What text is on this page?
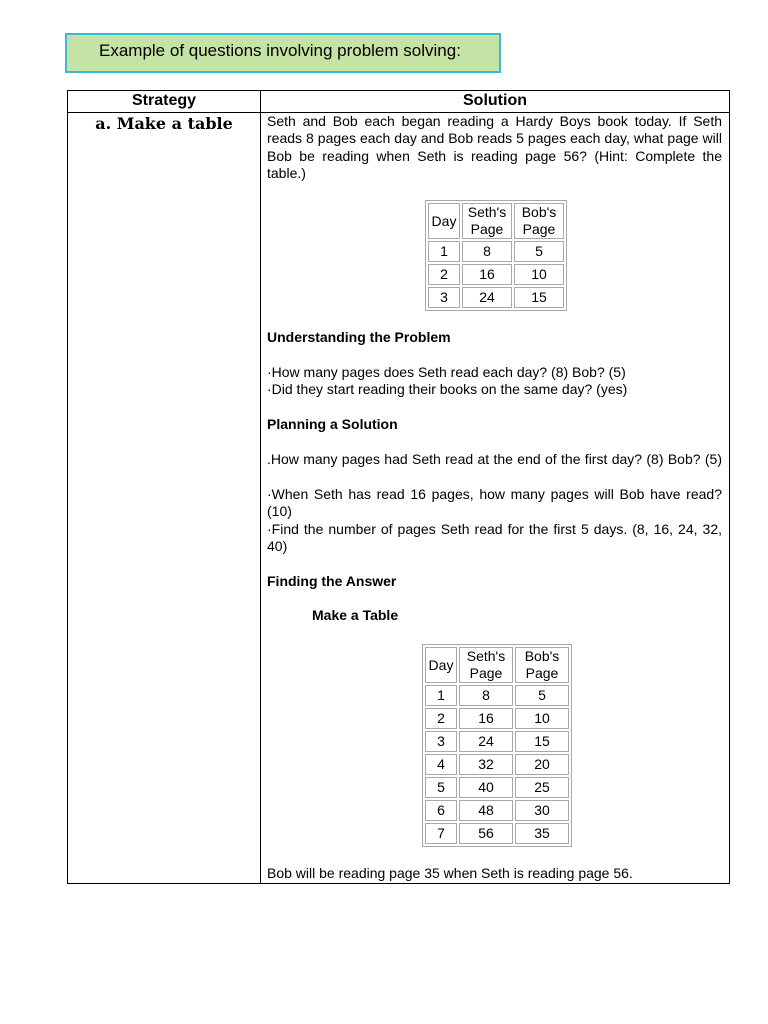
Example of questions involving problem solving:
Strategy	Solution
a. Make a table	Seth and Bob each began reading a Hardy Boys book today. If Seth reads 8 pages each day and Bob reads 5 pages each day, what page will Bob be reading when Seth is reading page 56? (Hint: Complete the table.)
Day	Seth's Page	Bob's Page
1	8	5
2	16	10
3	24	15
Understanding the Problem
·How many pages does Seth read each day? (8) Bob? (5)
·Did they start reading their books on the same day? (yes)
Planning a Solution
.How many pages had Seth read at the end of the first day? (8) Bob? (5)
·When Seth has read 16 pages, how many pages will Bob have read?(10)
·Find the number of pages Seth read for the first 5 days. (8, 16, 24, 32, 40)
Finding the Answer
Make a Table
Day	Seth's Page	Bob's Page
1	8	5
2	16	10
3	24	15
4	32	20
5	40	25
6	48	30
7	56	35
Bob will be reading page 35 when Seth is reading page 56.
